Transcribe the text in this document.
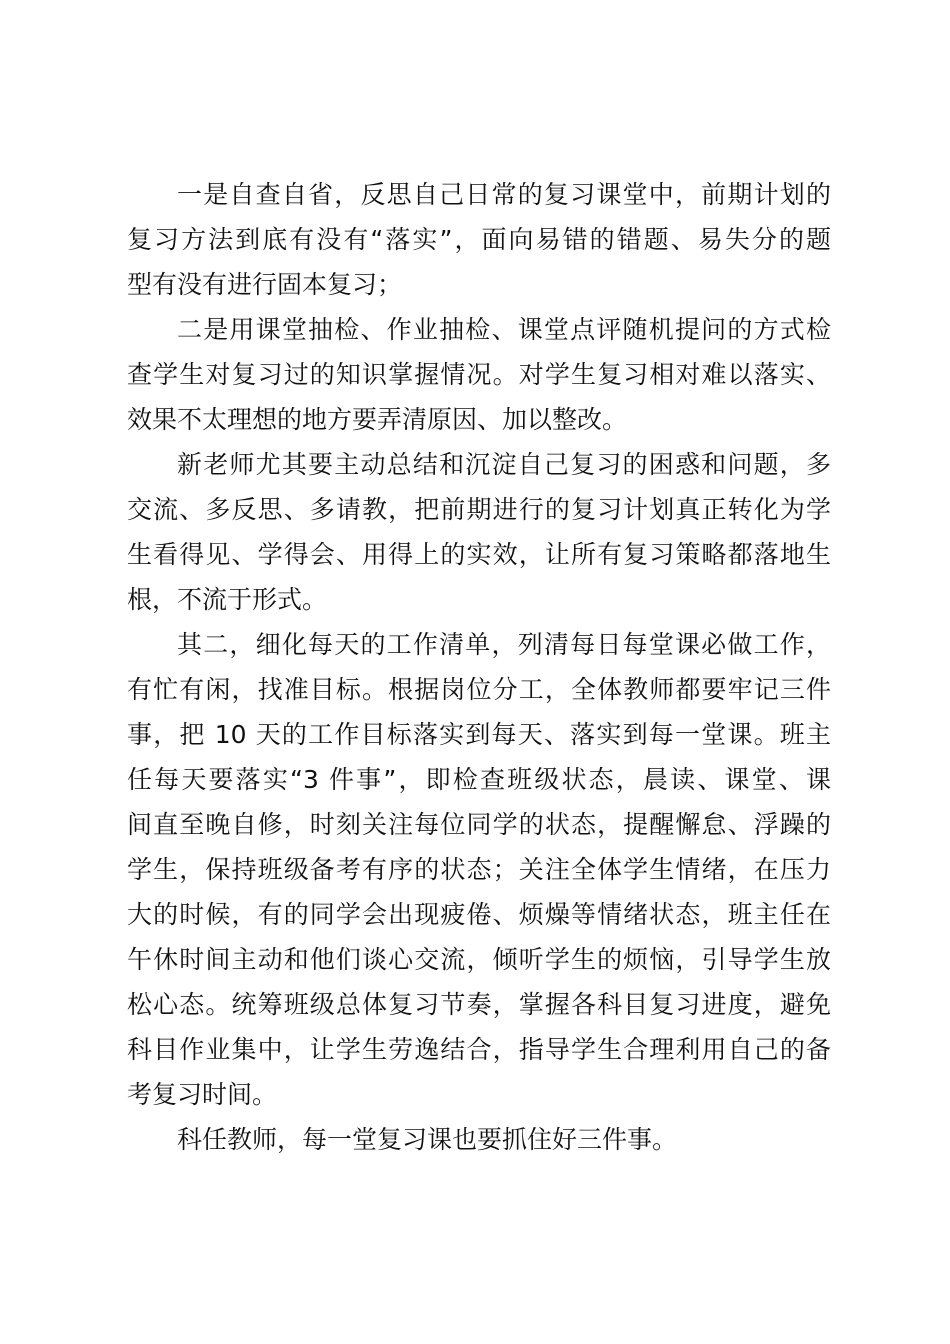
一是自查自省，反思自己日常的复习课堂中，前期计划的
复习方法到底有没有“落实”，面向易错的错题、易失分的题
型有没有进行固本复习；
二是用课堂抽检、作业抽检、课堂点评随机提问的方式检
查学生对复习过的知识掌握情况。对学生复习相对难以落实、
效果不太理想的地方要弄清原因、加以整改。
新老师尤其要主动总结和沉淀自己复习的困惑和问题，多
交流、多反思、多请教，把前期进行的复习计划真正转化为学
生看得见、学得会、用得上的实效，让所有复习策略都落地生
根，不流于形式。
其二，细化每天的工作清单，列清每日每堂课必做工作，
有忙有闲，找准目标。根据岗位分工，全体教师都要牢记三件
事，把 10 天的工作目标落实到每天、落实到每一堂课。班主
任每天要落实“3 件事”，即检查班级状态，晨读、课堂、课
间直至晚自修，时刻关注每位同学的状态，提醒懈怠、浮躁的
学生，保持班级备考有序的状态；关注全体学生情绪，在压力
大的时候，有的同学会出现疲倦、烦燥等情绪状态，班主任在
午休时间主动和他们谈心交流，倾听学生的烦恼，引导学生放
松心态。统筹班级总体复习节奏，掌握各科目复习进度，避免
科目作业集中，让学生劳逸结合，指导学生合理利用自己的备
考复习时间。
科任教师，每一堂复习课也要抓住好三件事。
